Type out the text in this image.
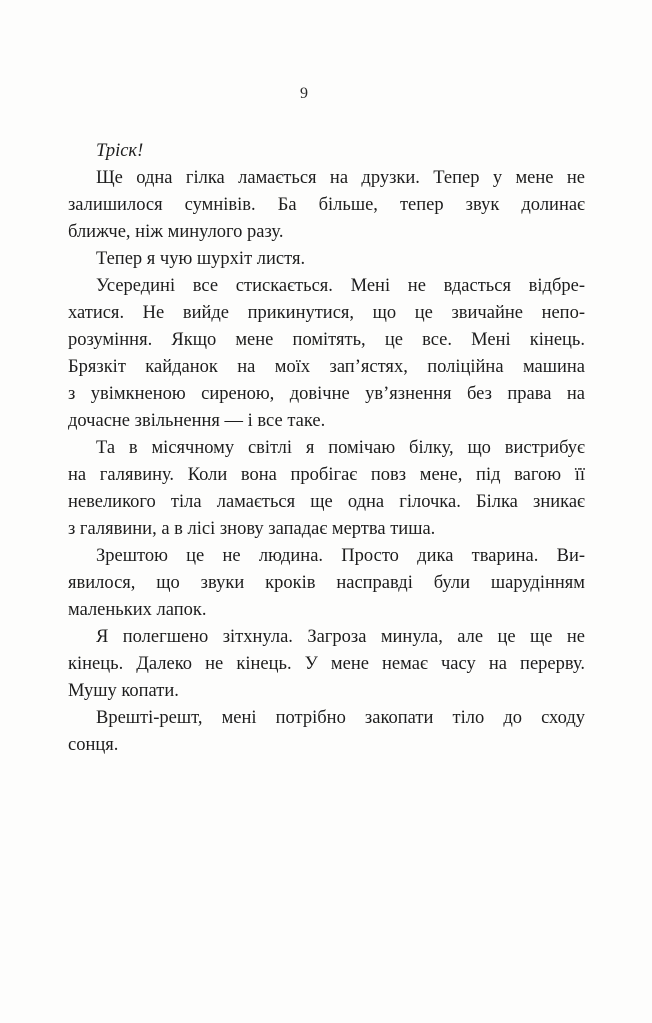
9
Тріск!
Ще одна гілка ламається на друзки. Тепер у мене не
залишилося сумнівів. Ба більше, тепер звук долинає
ближче, ніж минулого разу.
Тепер я чую шурхіт листя.
Усередині все стискається. Мені не вдасться відбре-
хатися. Не вийде прикинутися, що це звичайне непо-
розуміння. Якщо мене помітять, це все. Мені кінець.
Брязкіт кайданок на моїх зап’ястях, поліційна машина
з увімкненою сиреною, довічне ув’язнення без права на
дочасне звільнення — і все таке.
Та в місячному світлі я помічаю білку, що вистрибує
на галявину. Коли вона пробігає повз мене, під вагою її
невеликого тіла ламається ще одна гілочка. Білка зникає
з галявини, а в лісі знову западає мертва тиша.
Зрештою це не людина. Просто дика тварина. Ви-
явилося, що звуки кроків насправді були шарудінням
маленьких лапок.
Я полегшено зітхнула. Загроза минула, але це ще не
кінець. Далеко не кінець. У мене немає часу на перерву.
Мушу копати.
Врешті-решт, мені потрібно закопати тіло до сходу
сонця.
